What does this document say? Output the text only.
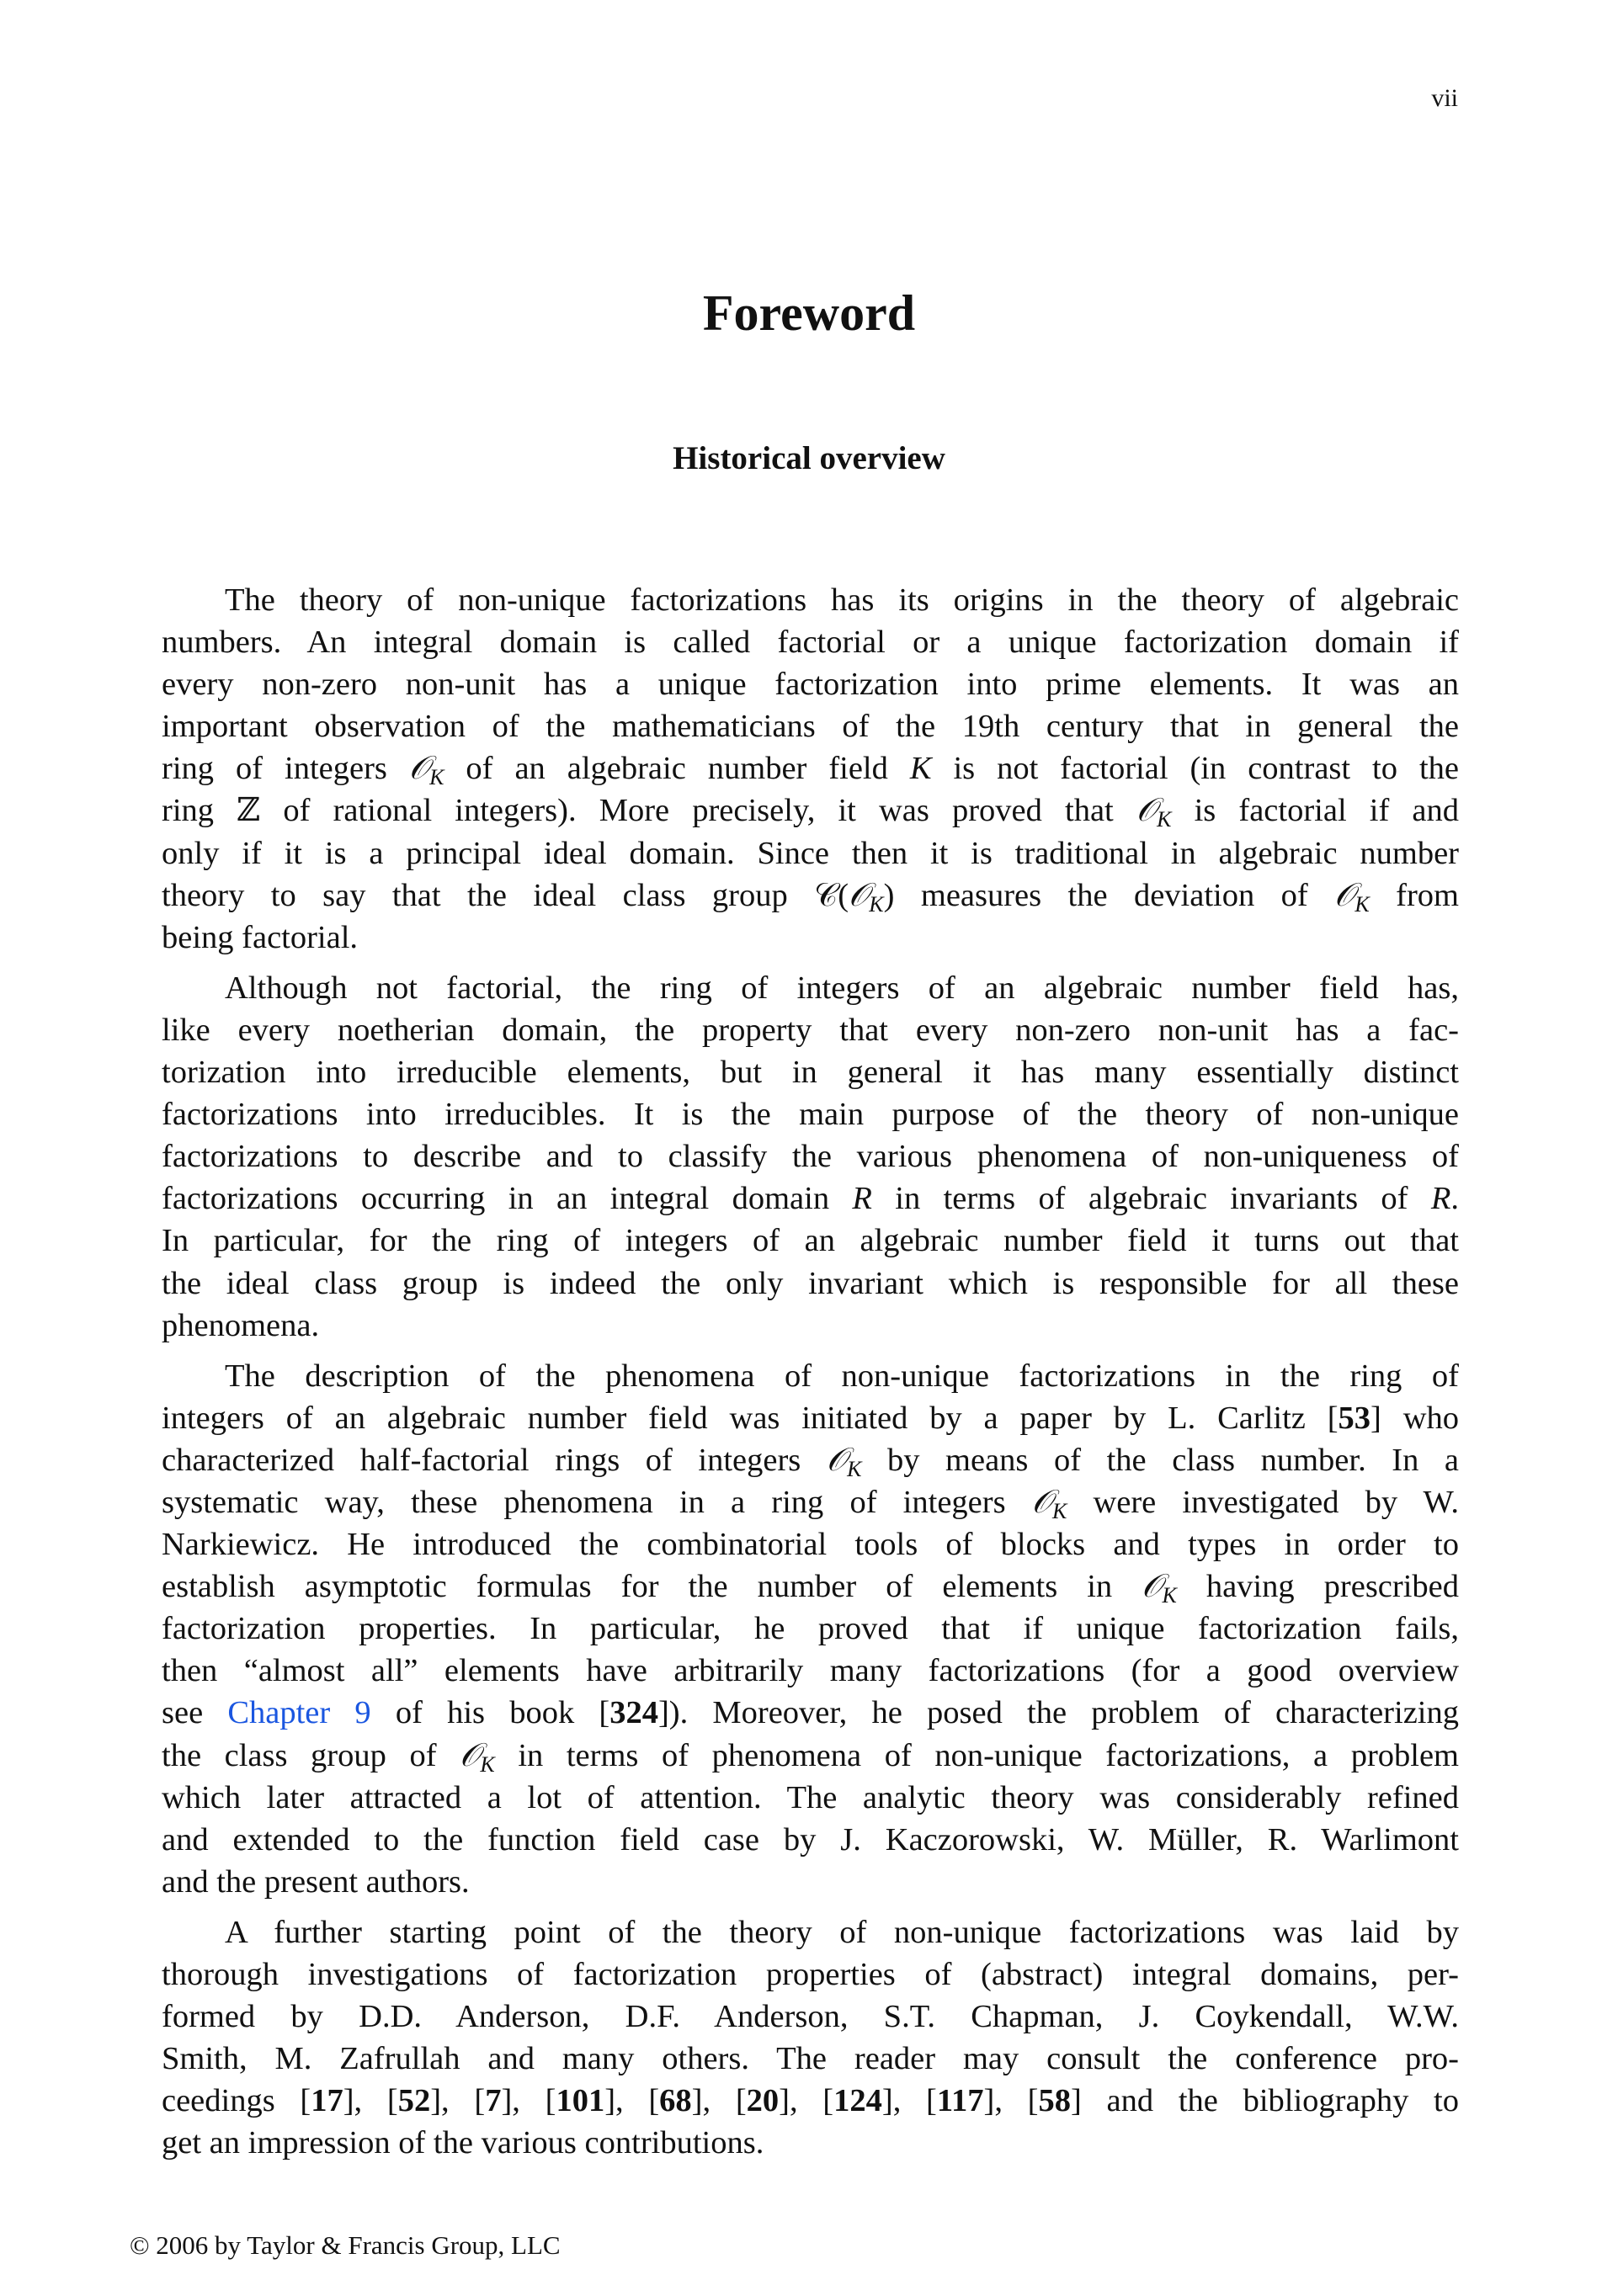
vii
Foreword
Historical overview
The theory of non-unique factorizations has its origins in the theory of algebraic
numbers. An integral domain is called factorial or a unique factorization domain if
every non-zero non-unit has a unique factorization into prime elements. It was an
important observation of the mathematicians of the 19th century that in general the
ring of integers 𝒪$_K$ of an algebraic number field K is not factorial (in contrast to the
ring ℤ of rational integers). More precisely, it was proved that 𝒪$_K$ is factorial if and
only if it is a principal ideal domain. Since then it is traditional in algebraic number
theory to say that the ideal class group 𝒞(𝒪$_K$) measures the deviation of 𝒪$_K$ from
being factorial.
Although not factorial, the ring of integers of an algebraic number field has,
like every noetherian domain, the property that every non-zero non-unit has a fac-
torization into irreducible elements, but in general it has many essentially distinct
factorizations into irreducibles. It is the main purpose of the theory of non-unique
factorizations to describe and to classify the various phenomena of non-uniqueness of
factorizations occurring in an integral domain R in terms of algebraic invariants of R.
In particular, for the ring of integers of an algebraic number field it turns out that
the ideal class group is indeed the only invariant which is responsible for all these
phenomena.
The description of the phenomena of non-unique factorizations in the ring of
integers of an algebraic number field was initiated by a paper by L. Carlitz [53] who
characterized half-factorial rings of integers 𝒪$_K$ by means of the class number. In a
systematic way, these phenomena in a ring of integers 𝒪$_K$ were investigated by W.
Narkiewicz. He introduced the combinatorial tools of blocks and types in order to
establish asymptotic formulas for the number of elements in 𝒪$_K$ having prescribed
factorization properties. In particular, he proved that if unique factorization fails,
then “almost all” elements have arbitrarily many factorizations (for a good overview
see Chapter 9 of his book [324]). Moreover, he posed the problem of characterizing
the class group of 𝒪$_K$ in terms of phenomena of non-unique factorizations, a problem
which later attracted a lot of attention. The analytic theory was considerably refined
and extended to the function field case by J. Kaczorowski, W. Müller, R. Warlimont
and the present authors.
A further starting point of the theory of non-unique factorizations was laid by
thorough investigations of factorization properties of (abstract) integral domains, per-
formed by D.D. Anderson, D.F. Anderson, S.T. Chapman, J. Coykendall, W.W.
Smith, M. Zafrullah and many others. The reader may consult the conference pro-
ceedings [17], [52], [7], [101], [68], [20], [124], [117], [58] and the bibliography to
get an impression of the various contributions.
© 2006 by Taylor & Francis Group, LLC
